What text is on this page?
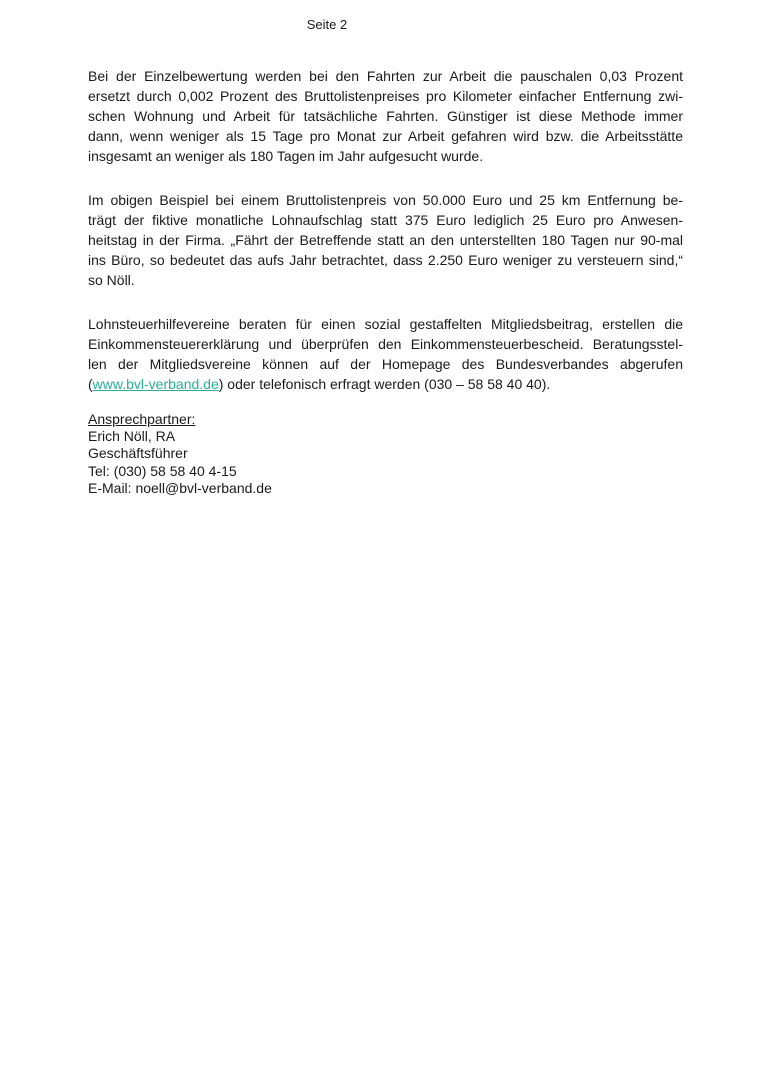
Seite 2
Bei der Einzelbewertung werden bei den Fahrten zur Arbeit die pauschalen 0,03 Prozent
ersetzt durch 0,002 Prozent des Bruttolistenpreises pro Kilometer einfacher Entfernung zwi-
schen Wohnung und Arbeit für tatsächliche Fahrten. Günstiger ist diese Methode immer
dann, wenn weniger als 15 Tage pro Monat zur Arbeit gefahren wird bzw. die Arbeitsstätte
insgesamt an weniger als 180 Tagen im Jahr aufgesucht wurde.
Im obigen Beispiel bei einem Bruttolistenpreis von 50.000 Euro und 25 km Entfernung be-
trägt der fiktive monatliche Lohnaufschlag statt 375 Euro lediglich 25 Euro pro Anwesen-
heitstag in der Firma. „Fährt der Betreffende statt an den unterstellten 180 Tagen nur 90-mal
ins Büro, so bedeutet das aufs Jahr betrachtet, dass 2.250 Euro weniger zu versteuern sind,“
so Nöll.
Lohnsteuerhilfevereine beraten für einen sozial gestaffelten Mitgliedsbeitrag, erstellen die
Einkommensteuererklärung und überprüfen den Einkommensteuerbescheid. Beratungsstel-
len der Mitgliedsvereine können auf der Homepage des Bundesverbandes abgerufen
(www.bvl-verband.de) oder telefonisch erfragt werden (030 – 58 58 40 40).
Ansprechpartner:
Erich Nöll, RA
Geschäftsführer
Tel: (030) 58 58 40 4-15
E-Mail: noell@bvl-verband.de
